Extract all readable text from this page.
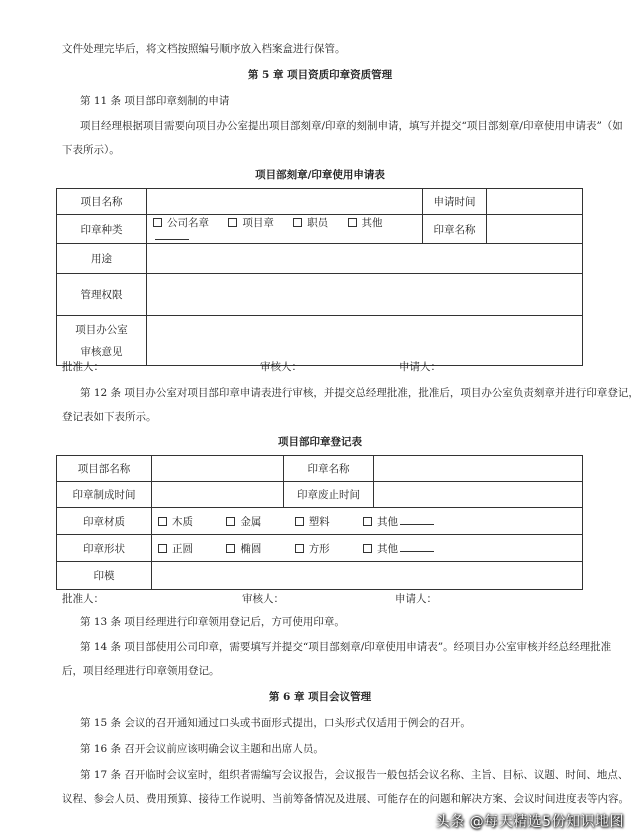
文件处理完毕后，将文档按照编号顺序放入档案盒进行保管。
第 5 章 项目资质印章资质管理
第 11 条 项目部印章刻制的申请
项目经理根据项目需要向项目办公室提出项目部刻章/印章的刻制申请，填写并提交“项目部刻章/印章使用申请表”（如
下表所示）。
项目部刻章/印章使用申请表
项目名称		申请时间	
印章种类	公司名章 项目章 职员 其他	印章名称	
用途			
管理权限			

项目办公室
审核意见			

批准人：	审核人：	申请人：
第 12 条 项目办公室对项目部印章申请表进行审核，并提交总经理批准，批准后，项目办公室负责刻章并进行印章登记，
登记表如下表所示。
项目部印章登记表
项目部名称		印章名称	
印章制成时间		印章废止时间	
印章材质	木质 金属 塑料 其他		
印章形状	正圆 椭圆 方形 其他		
印模			
批准人：	审核人：	申请人：
第 13 条 项目经理进行印章领用登记后，方可使用印章。
第 14 条 项目部使用公司印章，需要填写并提交“项目部刻章/印章使用申请表”。经项目办公室审核并经总经理批准
后，项目经理进行印章领用登记。
第 6 章 项目会议管理
第 15 条 会议的召开通知通过口头或书面形式提出，口头形式仅适用于例会的召开。
第 16 条 召开会议前应该明确会议主题和出席人员。
第 17 条 召开临时会议室时，组织者需编写会议报告，会议报告一般包括会议名称、主旨、目标、议题、时间、地点、
议程、参会人员、费用预算、接待工作说明、当前筹备情况及进展、可能存在的问题和解决方案、会议时间进度表等内容。
头条 @每天精选5份知识地图
